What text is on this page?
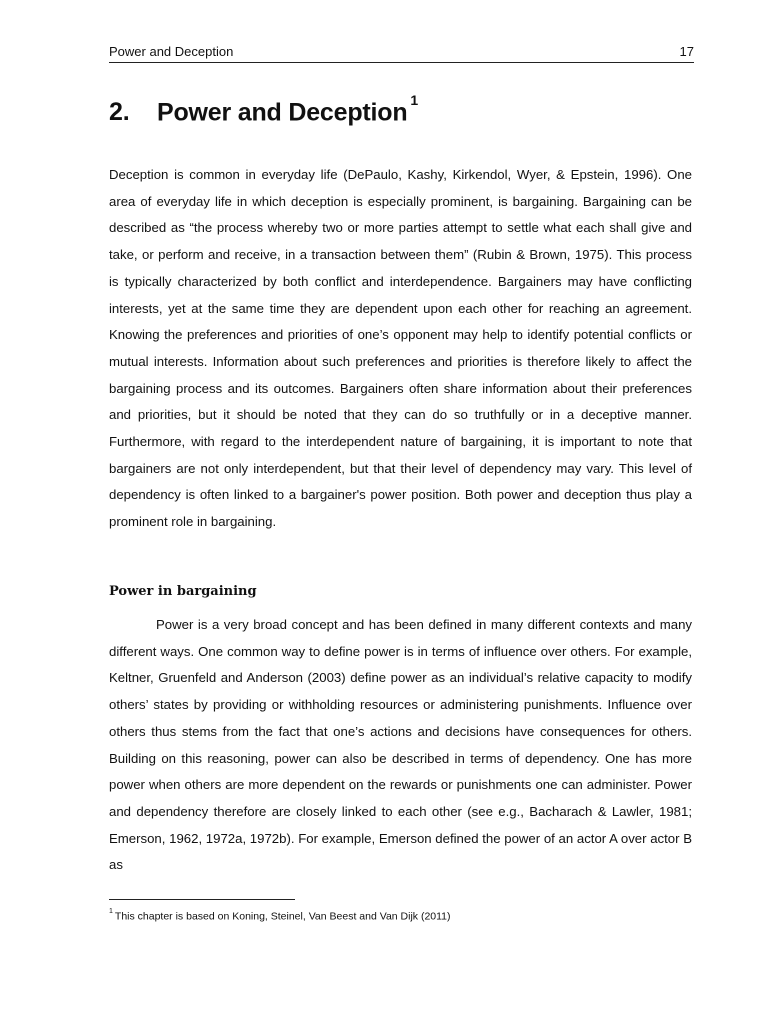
Power and Deception	17
2. Power and Deception $^1$

Deception is common in everyday life (DePaulo, Kashy, Kirkendol, Wyer, & Epstein, 1996). One area of everyday life in which deception is especially prominent, is bargaining. Bargaining can be described as “the process whereby two or more parties attempt to settle what each shall give and take, or perform and receive, in a transaction between them” (Rubin & Brown, 1975). This process is typically characterized by both conflict and interdependence. Bargainers may have conflicting interests, yet at the same time they are dependent upon each other for reaching an agreement. Knowing the preferences and priorities of one’s opponent may help to identify potential conflicts or mutual interests. Information about such preferences and priorities is therefore likely to affect the bargaining process and its outcomes. Bargainers often share information about their preferences and priorities, but it should be noted that they can do so truthfully or in a deceptive manner. Furthermore, with regard to the interdependent nature of bargaining, it is important to note that bargainers are not only interdependent, but that their level of dependency may vary. This level of dependency is often linked to a bargainer's power position. Both power and deception thus play a prominent role in bargaining.

Power in bargaining

Power is a very broad concept and has been defined in many different contexts and many different ways. One common way to define power is in terms of influence over others. For example, Keltner, Gruenfeld and Anderson (2003) define power as an individual’s relative capacity to modify others’ states by providing or withholding resources or administering punishments. Influence over others thus stems from the fact that one’s actions and decisions have consequences for others. Building on this reasoning, power can also be described in terms of dependency. One has more power when others are more dependent on the rewards or punishments one can administer. Power and dependency therefore are closely linked to each other (see e.g., Bacharach & Lawler, 1981; Emerson, 1962, 1972a, 1972b). For example, Emerson defined the power of an actor A over actor B as

$^1$ This chapter is based on Koning, Steinel, Van Beest and Van Dijk (2011)
